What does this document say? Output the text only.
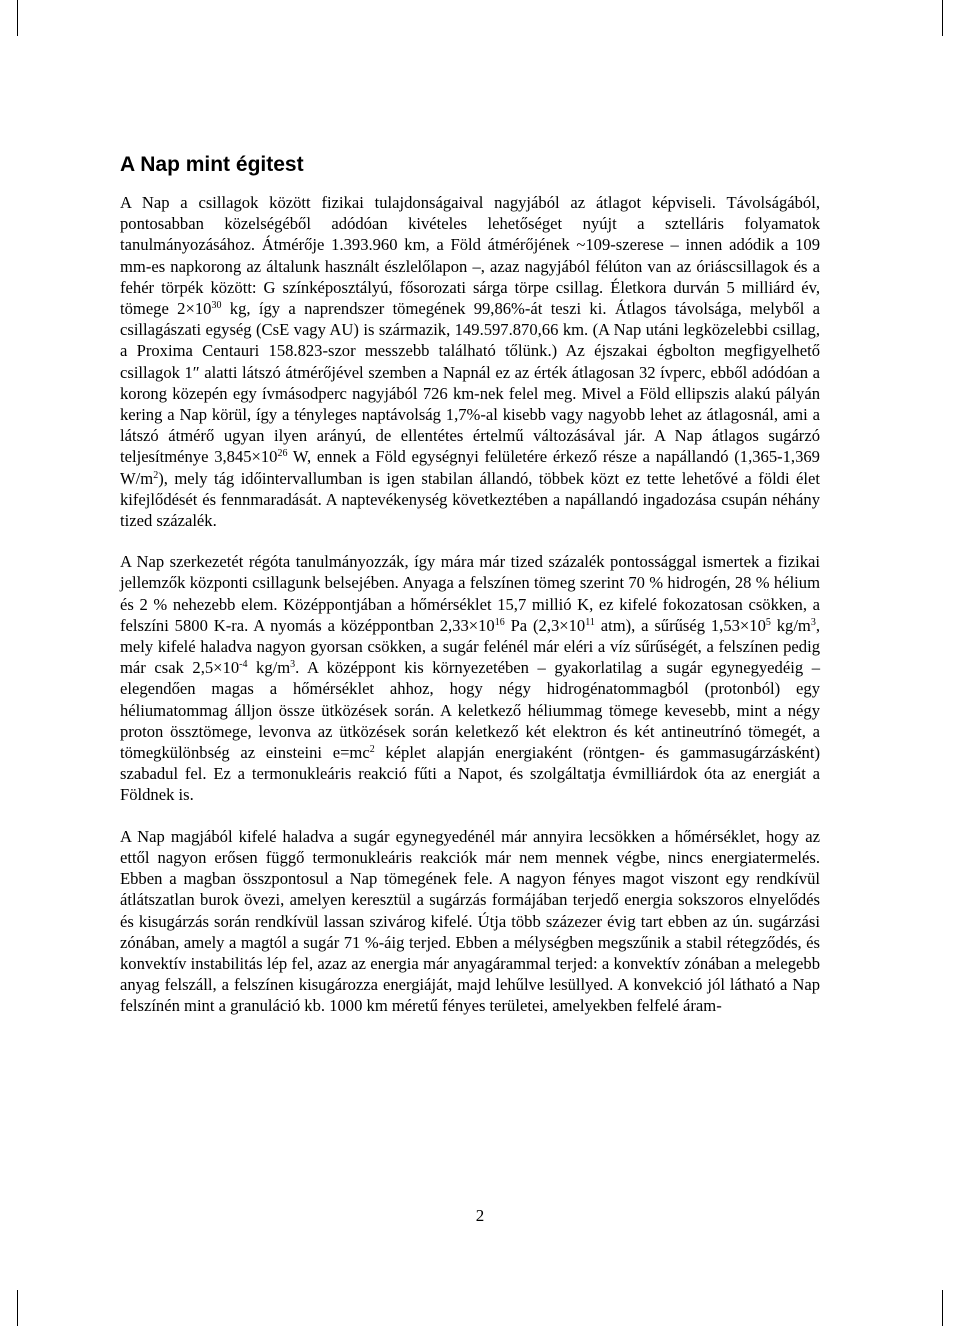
A Nap mint égitest

A Nap a csillagok között fizikai tulajdonságaival nagyjából az átlagot képviseli. Távolságából, pontosabban közelségéből adódóan kivételes lehetőséget nyújt a sztelláris folyamatok tanulmányozásához. Átmérője 1.393.960 km, a Föld átmérőjének ~109-szerese – innen adódik a 109 mm-es napkorong az általunk használt észlelőlapon –, azaz nagyjából félúton van az óriáscsillagok és a fehér törpék között: G színképosztályú, fősorozati sárga törpe csillag. Életkora durván 5 milliárd év, tömege $2\times 10^{30}$ kg, így a naprendszer tömegének 99,86%-át teszi ki. Átlagos távolsága, melyből a csillagászati egység (CsE vagy AU) is származik, 149.597.870,66 km. (A Nap utáni legközelebbi csillag, a Proxima Centauri 158.823-szor messzebb található tőlünk.) Az éjszakai égbolton megfigyelhető csillagok 1″ alatti látszó átmérőjével szemben a Napnál ez az érték átlagosan 32 ívperc, ebből adódóan a korong közepén egy ívmásodperc nagyjából 726 km-nek felel meg. Mivel a Föld ellipszis alakú pályán kering a Nap körül, így a tényleges naptávolság 1,7%-al kisebb vagy nagyobb lehet az átlagosnál, ami a látszó átmérő ugyan ilyen arányú, de ellentétes értelmű változásával jár. A Nap átlagos sugárzó teljesítménye $3,845\times 10^{26}$ W, ennek a Föld egységnyi felületére érkező része a napállandó (1,365-1,369 $W/m^2$), mely tág időintervallumban is igen stabilan állandó, többek közt ez tette lehetővé a földi élet kifejlődését és fennmaradását. A naptevékenység következtében a napállandó ingadozása csupán néhány tized százalék.

A Nap szerkezetét régóta tanulmányozzák, így mára már tized százalék pontossággal ismertek a fizikai jellemzők központi csillagunk belsejében. Anyaga a felszínen tömeg szerint 70 % hidrogén, 28 % hélium és 2 % nehezebb elem. Középpontjában a hőmérséklet 15,7 millió K, ez kifelé fokozatosan csökken, a felszíni 5800 K-ra. A nyomás a középpontban $2,33\times 10^{16}$ Pa ($2,3\times 10^{11}$ atm), a sűrűség $1,53\times 10^5$ $kg/m^3$, mely kifelé haladva nagyon gyorsan csökken, a sugár felénél már eléri a víz sűrűségét, a felszínen pedig már csak $2,5\times 10^{-4}$ $kg/m^3$. A középpont kis környezetében – gyakorlatilag a sugár egynegyedéig – elegendően magas a hőmérséklet ahhoz, hogy négy hidrogénatommagból (protonból) egy héliumatommag álljon össze ütközések során. A keletkező héliummag tömege kevesebb, mint a négy proton össztömege, levonva az ütközések során keletkező két elektron és két antineutrínó tömegét, a tömegkülönbség az einsteini $e=mc^2$ képlet alapján energiaként (röntgen- és gammasugárzásként) szabadul fel. Ez a termonukleáris reakció fűti a Napot, és szolgáltatja évmilliárdok óta az energiát a Földnek is.

A Nap magjából kifelé haladva a sugár egynegyedénél már annyira lecsökken a hőmérséklet, hogy az ettől nagyon erősen függő termonukleáris reakciók már nem mennek végbe, nincs energiatermelés. Ebben a magban összpontosul a Nap tömegének fele. A nagyon fényes magot viszont egy rendkívül átlátszatlan burok övezi, amelyen keresztül a sugárzás formájában terjedő energia sokszoros elnyelődés és kisugárzás során rendkívül lassan szivárog kifelé. Útja több százezer évig tart ebben az ún. sugárzási zónában, amely a magtól a sugár 71 %-áig terjed. Ebben a mélységben megszűnik a stabil rétegződés, és konvektív instabilitás lép fel, azaz az energia már anyagárammal terjed: a konvektív zónában a melegebb anyag felszáll, a felszínen kisugározza energiáját, majd lehűlve lesüllyed. A konvekció jól látható a Nap felszínén mint a granuláció kb. 1000 km méretű fényes területei, amelyekben felfelé áram-

2
